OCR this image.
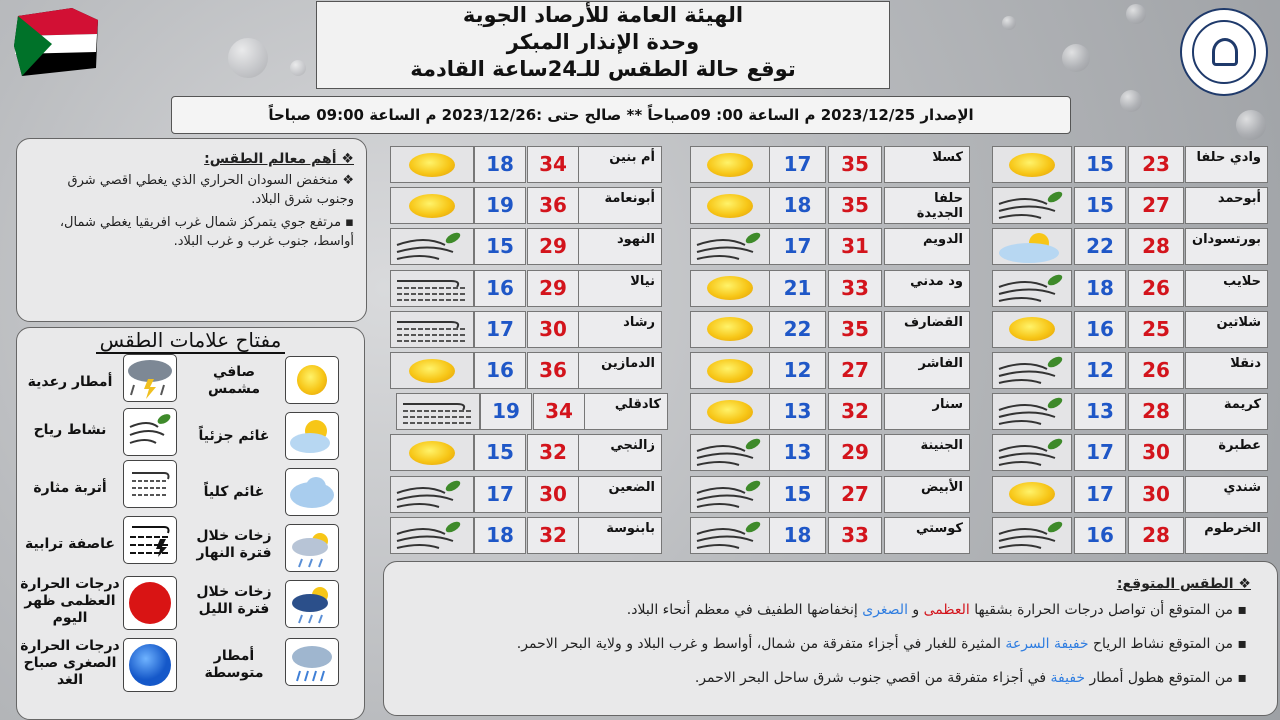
الهيئة العامة للأرصاد الجوية
وحدة الإنذار المبكر
توقع حالة الطقس للـ24ساعة القادمة
الإصدار 2023/12/25 م الساعة 00: 09صباحاً ** صالح حتى :2023/12/26 م الساعة 09:00 صباحاً
❖ أهم معالم الطقس:

❖ منخفض السودان الحراري الذي يغطي اقصي شرق وجنوب شرق البلاد.

▪ مرتفع جوي يتمركز شمال غرب افريقيا يغطي شمال، أواسط، جنوب غرب و غرب البلاد.

مفتاح علامات الطقس
صافي مشمس
غائم جزئياً
غائم كلياً
زخات خلال فترة النهار
زخات خلال فترة الليل
أمطار متوسطة
أمطار رعدية
نشاط رياح
أتربة مثارة
عاصفة ترابية
درجات الحرارة العظمى ظهر اليوم
درجات الحرارة الصغرى صباح الغد
15	23	وادي حلفا
15	27	أبوحمد
22	28	بورتسودان
18	26	حلايب
16	25	شلاتين
12	26	دنقلا
13	28	كريمة
17	30	عطبرة
17	30	شندي
16	28	الخرطوم
17	35	كسلا
18	35	حلفا الجديدة
17	31	الدويم
21	33	ود مدني
22	35	القضارف
12	27	الفاشر
13	32	سنار
13	29	الجنينة
15	27	الأبيض
18	33	كوستي
18	34	أم بنين
19	36	أبونعامة
15	29	النهود
16	29	نيالا
17	30	رشاد
16	36	الدمازين
19	34	كادقلي
15	32	زالنجي
17	30	الضعين
18	32	بابنوسة
❖ الطقس المتوقع:

▪ من المتوقع أن تواصل درجات الحرارة بشقيها العظمى و الصغرى إنخفاضها الطفيف في معظم أنحاء البلاد.

▪ من المتوقع نشاط الرياح خفيفة السرعة المثيرة للغبار في أجزاء متفرقة من شمال، أواسط و غرب البلاد و ولاية البحر الاحمر.

▪ من المتوقع هطول أمطار خفيفة في أجزاء متفرقة من اقصي جنوب شرق ساحل البحر الاحمر.
